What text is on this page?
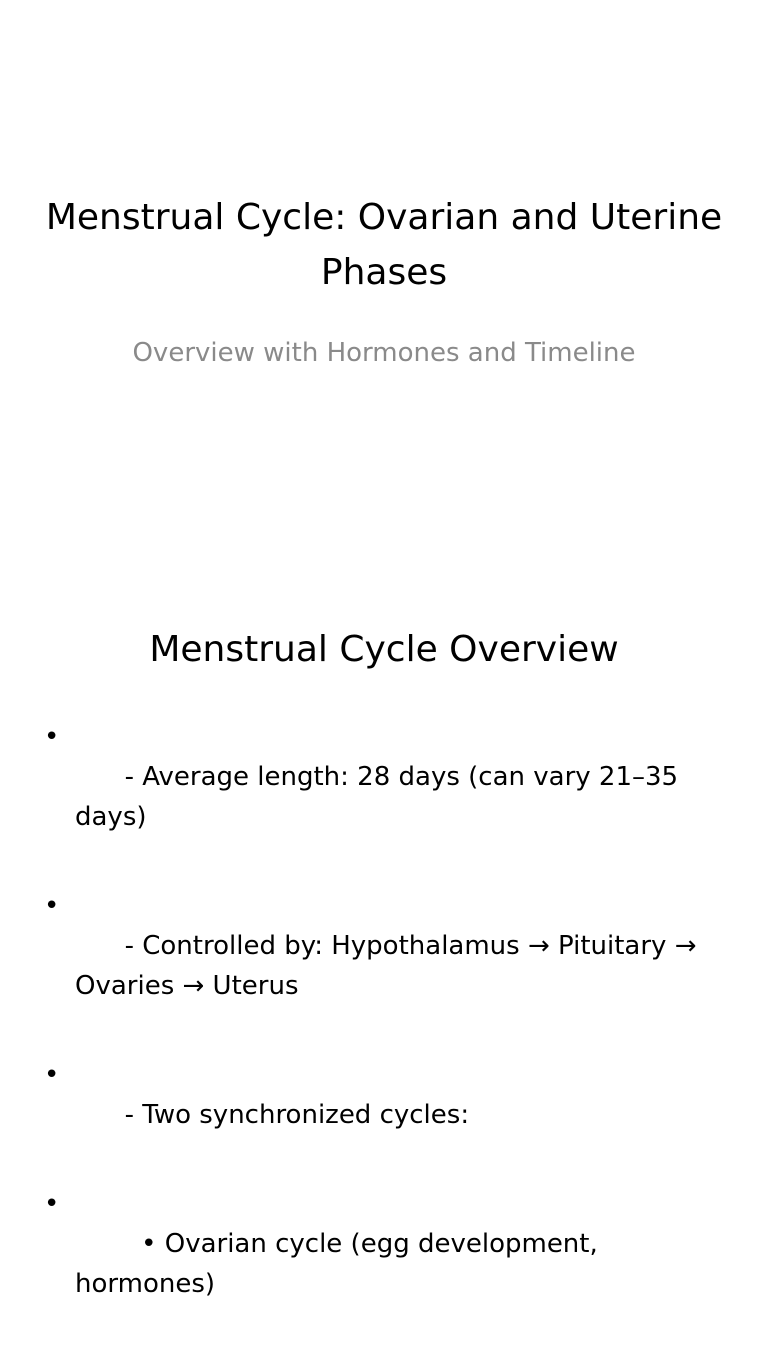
Menstrual Cycle: Ovarian and Uterine Phases
Overview with Hormones and Timeline
Menstrual Cycle Overview

•
- Average length: 28 days (can vary 21–35 days)

•
- Controlled by: Hypothalamus → Pituitary → Ovaries → Uterus

•
- Two synchronized cycles:

•
• Ovarian cycle (egg development, hormones)
